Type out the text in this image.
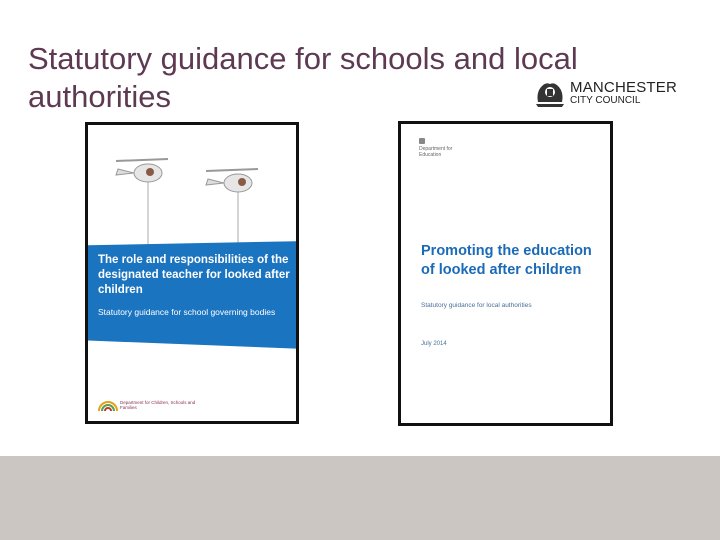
Statutory guidance for schools and local authorities	MANCHESTER
CITY COUNCIL
The role and responsibilities of the designated teacher for looked after children
Statutory guidance for school governing bodies
Department for Children, Schools and Families
Department for Education
Promoting the education of looked after children
Statutory guidance for local authorities
July 2014
